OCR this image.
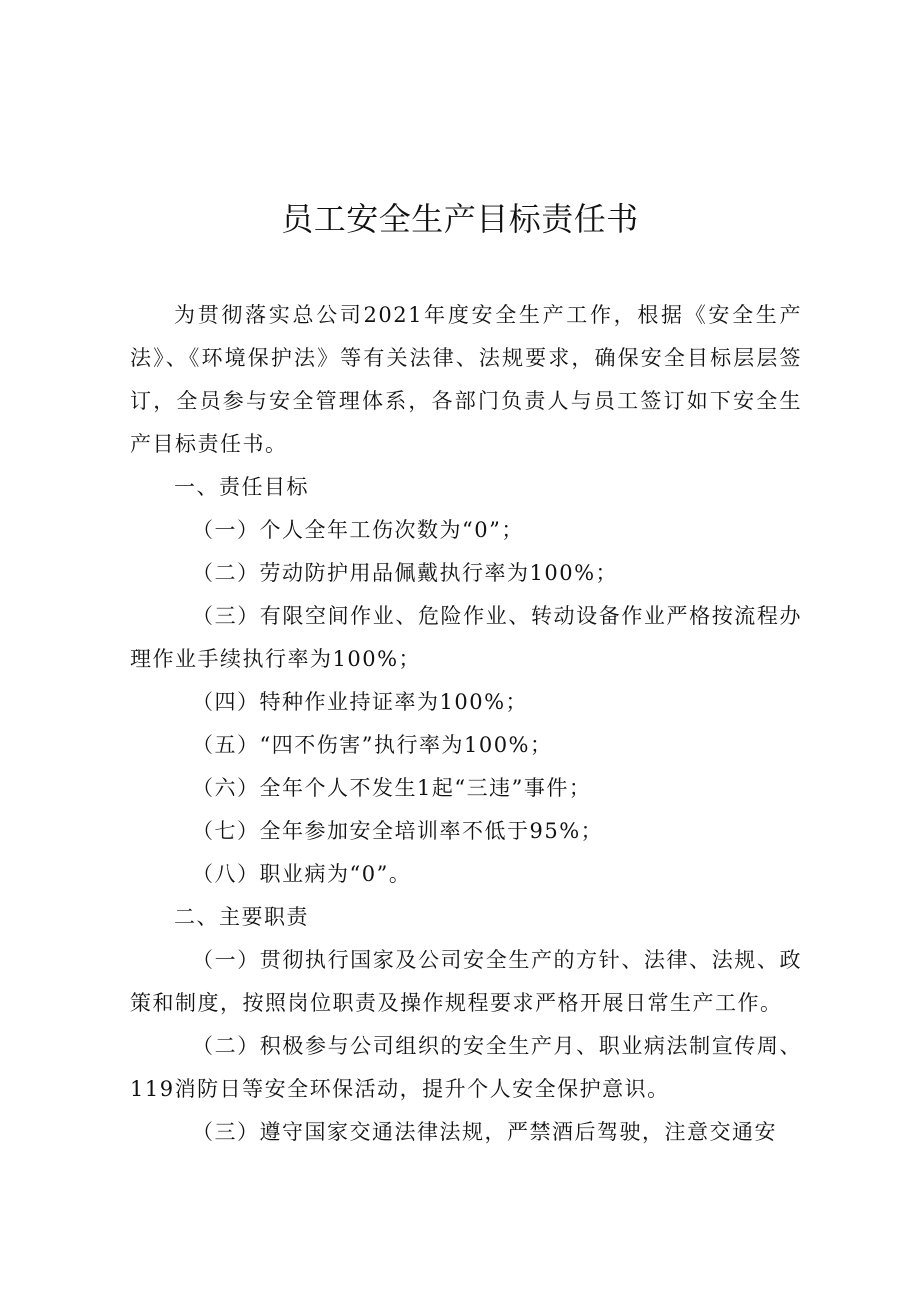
员工安全生产目标责任书

为贯彻落实总公司2021年度安全生产工作，根据《安全生产法》、《环境保护法》等有关法律、法规要求，确保安全目标层层签订，全员参与安全管理体系，各部门负责人与员工签订如下安全生产目标责任书。

一、责任目标

（一）个人全年工伤次数为“0”；

（二）劳动防护用品佩戴执行率为100%；

（三）有限空间作业、危险作业、转动设备作业严格按流程办理作业手续执行率为100%；

（四）特种作业持证率为100%；

（五）“四不伤害”执行率为100%；

（六）全年个人不发生1起“三违”事件；

（七）全年参加安全培训率不低于95%；

（八）职业病为“0”。

二、主要职责

（一）贯彻执行国家及公司安全生产的方针、法律、法规、政策和制度，按照岗位职责及操作规程要求严格开展日常生产工作。

（二）积极参与公司组织的安全生产月、职业病法制宣传周、119消防日等安全环保活动，提升个人安全保护意识。

（三）遵守国家交通法律法规，严禁酒后驾驶，注意交通安
